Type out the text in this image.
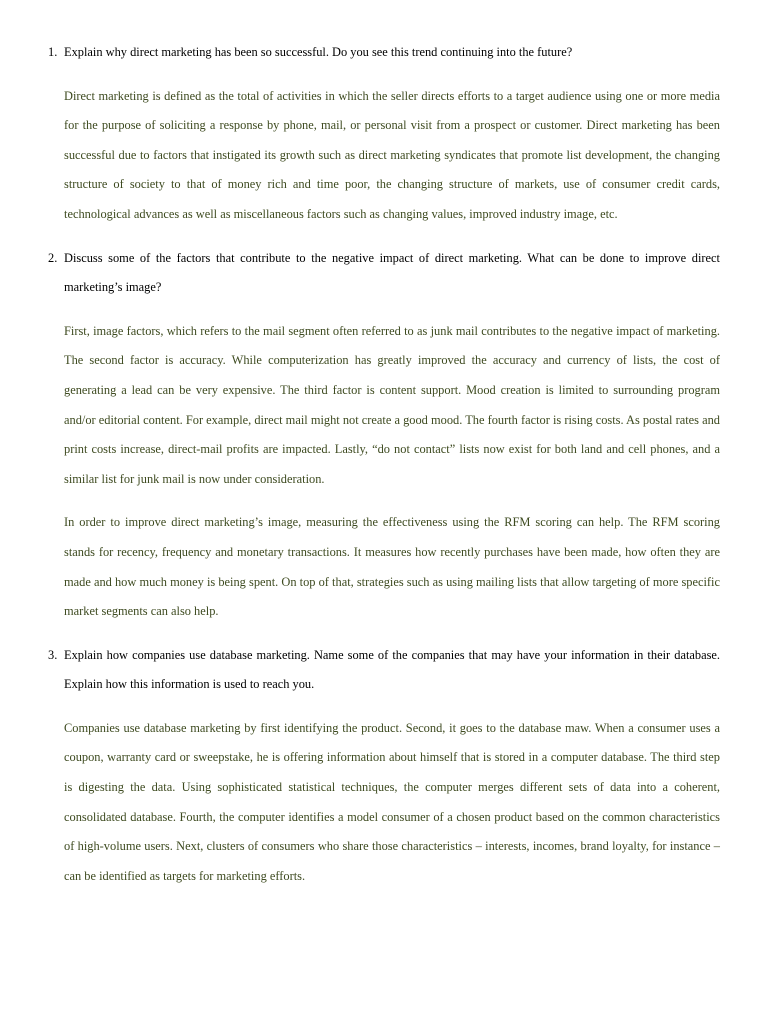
1. Explain why direct marketing has been so successful. Do you see this trend continuing into the future?

Direct marketing is defined as the total of activities in which the seller directs efforts to a target audience using one or more media for the purpose of soliciting a response by phone, mail, or personal visit from a prospect or customer. Direct marketing has been successful due to factors that instigated its growth such as direct marketing syndicates that promote list development, the changing structure of society to that of money rich and time poor, the changing structure of markets, use of consumer credit cards, technological advances as well as miscellaneous factors such as changing values, improved industry image, etc.

2. Discuss some of the factors that contribute to the negative impact of direct marketing. What can be done to improve direct marketing’s image?

First, image factors, which refers to the mail segment often referred to as junk mail contributes to the negative impact of marketing. The second factor is accuracy. While computerization has greatly improved the accuracy and currency of lists, the cost of generating a lead can be very expensive. The third factor is content support. Mood creation is limited to surrounding program and/or editorial content. For example, direct mail might not create a good mood. The fourth factor is rising costs. As postal rates and print costs increase, direct-mail profits are impacted. Lastly, “do not contact” lists now exist for both land and cell phones, and a similar list for junk mail is now under consideration.

In order to improve direct marketing’s image, measuring the effectiveness using the RFM scoring can help. The RFM scoring stands for recency, frequency and monetary transactions. It measures how recently purchases have been made, how often they are made and how much money is being spent. On top of that, strategies such as using mailing lists that allow targeting of more specific market segments can also help.

3. Explain how companies use database marketing. Name some of the companies that may have your information in their database. Explain how this information is used to reach you.

Companies use database marketing by first identifying the product. Second, it goes to the database maw. When a consumer uses a coupon, warranty card or sweepstake, he is offering information about himself that is stored in a computer database. The third step is digesting the data. Using sophisticated statistical techniques, the computer merges different sets of data into a coherent, consolidated database. Fourth, the computer identifies a model consumer of a chosen product based on the common characteristics of high-volume users. Next, clusters of consumers who share those characteristics – interests, incomes, brand loyalty, for instance – can be identified as targets for marketing efforts.
